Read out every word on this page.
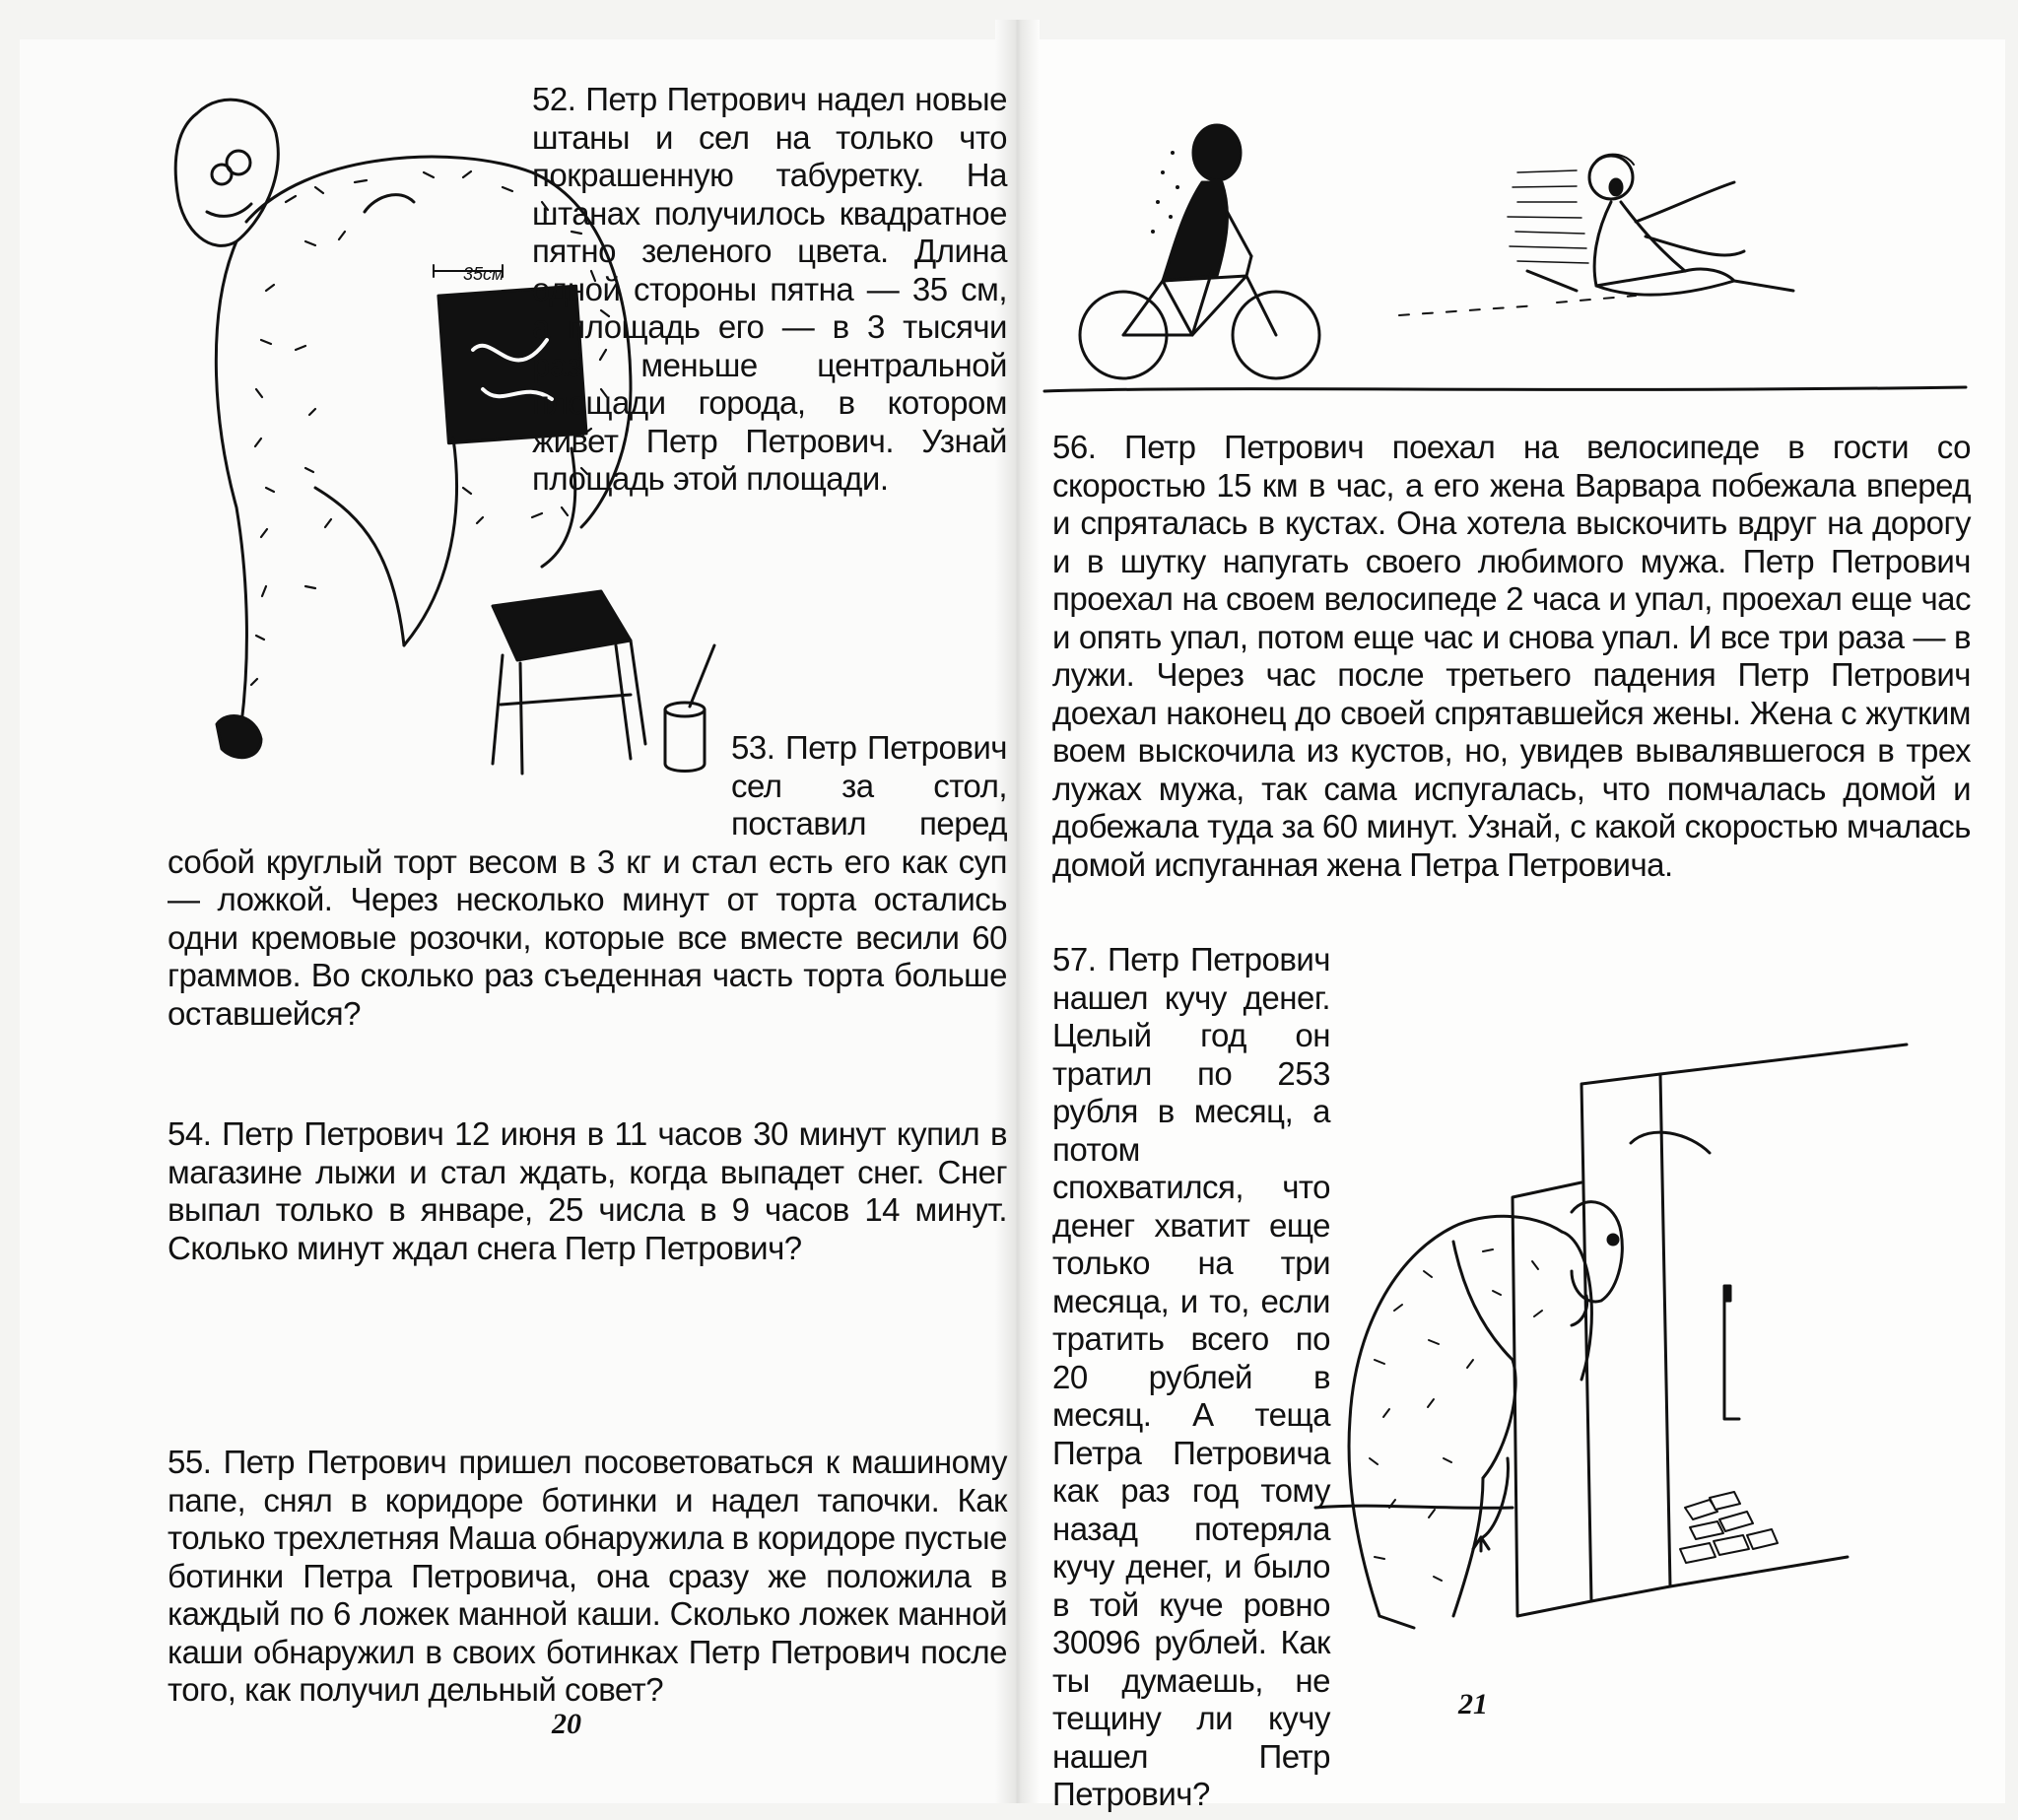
35см
52. Петр Петрович надел новые штаны и сел на только что покрашенную табуретку. На штанах получилось квадратное пятно зеленого цвета. Длина одной стороны пятна — 35 см, а площадь его — в 3 тысячи раз меньше центральной площади города, в котором живет Петр Петрович. Узнай площадь этой площади.
53. Петр Петрович сел за стол, поставил перед собой круглый торт весом в 3 кг и стал есть его как суп — ложкой. Через несколько минут от торта остались одни кремовые розочки, которые все вместе весили 60 граммов. Во сколько раз съеденная часть торта больше оставшейся?
54. Петр Петрович 12 июня в 11 часов 30 минут купил в магазине лыжи и стал ждать, когда выпадет снег. Снег выпал только в январе, 25 числа в 9 часов 14 минут. Сколько минут ждал снега Петр Петрович?
55. Петр Петрович пришел посоветоваться к машиному папе, снял в коридоре ботинки и надел тапочки. Как только трехлетняя Маша обнаружила в коридоре пустые ботинки Петра Петровича, она сразу же положила в каждый по 6 ложек манной каши. Сколько ложек манной каши обнаружил в своих ботинках Петр Петрович после того, как получил дельный совет?
20
56. Петр Петрович поехал на велосипеде в гости со скоростью 15 км в час, а его жена Варвара побежала вперед и спряталась в кустах. Она хотела выскочить вдруг на дорогу и в шутку напугать своего любимого мужа. Петр Петрович проехал на своем велосипеде 2 часа и упал, проехал еще час и опять упал, потом еще час и снова упал. И все три раза — в лужи. Через час после третьего падения Петр Петрович доехал наконец до своей спрятавшейся жены. Жена с жутким воем выскочила из кустов, но, увидев вывалявшегося в трех лужах мужа, так сама испугалась, что помчалась домой и добежала туда за 60 минут. Узнай, с какой скоростью мчалась домой испуганная жена Петра Петровича.
57. Петр Петрович нашел кучу денег. Целый год он тратил по 253 рубля в месяц, а потом спохватился, что денег хватит еще только на три месяца, и то, если тратить всего по 20 рублей в месяц. А теща Петра Петровича как раз год тому назад потеряла кучу денег, и было в той куче ровно 30096 рублей. Как ты думаешь, не тещину ли кучу нашел Петр Петрович?
21
